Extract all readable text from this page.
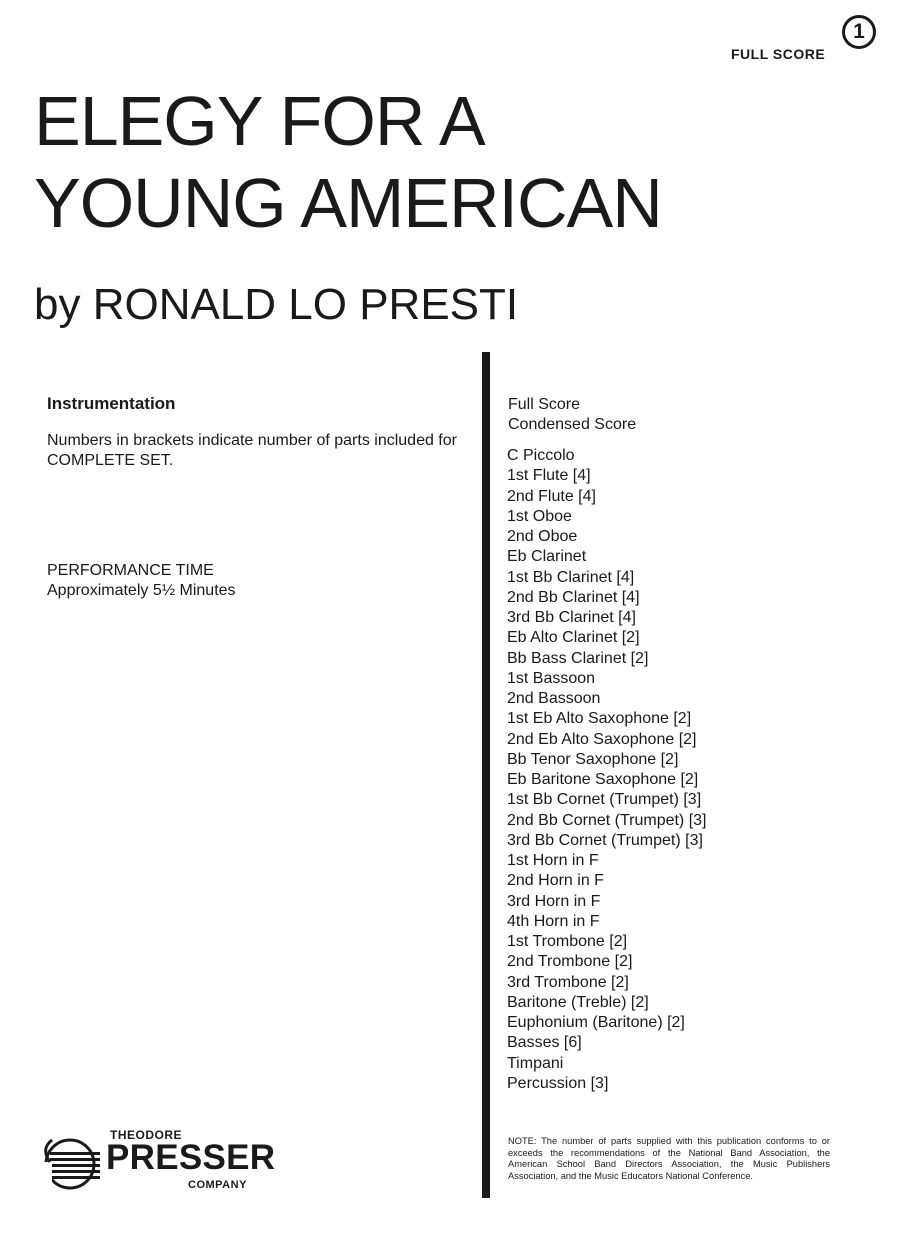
1
FULL SCORE
ELEGY FOR A
YOUNG AMERICAN
by RONALD LO PRESTI
Instrumentation
Numbers in brackets indicate number of parts included for COMPLETE SET.
PERFORMANCE TIME
Approximately 5½ Minutes
Full Score
Condensed Score
C Piccolo
1st Flute [4]
2nd Flute [4]
1st Oboe
2nd Oboe
Eb Clarinet
1st Bb Clarinet [4]
2nd Bb Clarinet [4]
3rd Bb Clarinet [4]
Eb Alto Clarinet [2]
Bb Bass Clarinet [2]
1st Bassoon
2nd Bassoon
1st Eb Alto Saxophone [2]
2nd Eb Alto Saxophone [2]
Bb Tenor Saxophone [2]
Eb Baritone Saxophone [2]
1st Bb Cornet (Trumpet) [3]
2nd Bb Cornet (Trumpet) [3]
3rd Bb Cornet (Trumpet) [3]
1st Horn in F
2nd Horn in F
3rd Horn in F
4th Horn in F
1st Trombone [2]
2nd Trombone [2]
3rd Trombone [2]
Baritone (Treble) [2]
Euphonium (Baritone) [2]
Basses [6]
Timpani
Percussion [3]
THEODORE
PRESSER
COMPANY
NOTE: The number of parts supplied with this publication conforms to or exceeds the recommendations of the National Band Association, the American School Band Directors Association, the Music Publishers Association, and the Music Educators National Conference.
